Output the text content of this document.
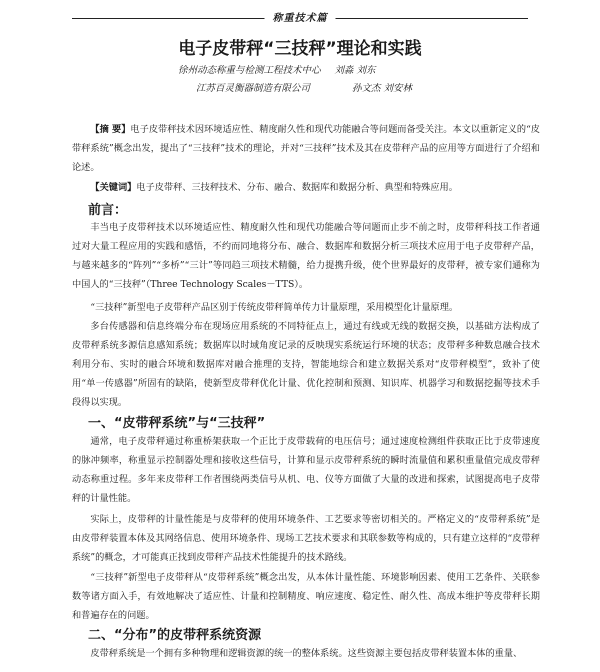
称重技术篇
电子皮带秤“三技秤”理论和实践
徐州动态称重与检测工程技术中心 刘淼 刘东
江苏百灵衡器制造有限公司	孙文杰 刘安林
【摘 要】电子皮带秤技术因环境适应性、精度耐久性和现代功能融合等问题而备受关注。本文以重新定义的“皮带秤系统”概念出发，提出了“三技秤”技术的理论，并对“三技秤”技术及其在皮带秤产品的应用等方面进行了介绍和论述。
【关键词】电子皮带秤、三技秤技术、分布、融合、数据库和数据分析、典型和特殊应用。
前言：
丰当电子皮带秤技术以环境适应性、精度耐久性和现代功能融合等问题而止步不前之时，皮带秤科技工作者通过对大量工程应用的实践和感悟，不约而同地将分布、融合、数据库和数据分析三项技术应用于电子皮带秤产品，与越来越多的“阵列”“多桥”“三计”等同趋三项技术精髓，给力提携升级，使个世界最好的皮带秤，被专家们通称为中国人的“三技秤”（Three Technology Scales－TTS）。
“三技秤”新型电子皮带秤产品区别于传统皮带秤简单传力计量原理，采用模型化计量原理。
多台传感器和信息终端分布在现场应用系统的不同特征点上，通过有线或无线的数据交换，以基础方法构成了皮带秤系统多源信息感知系统；数据库以时域角度记录的反映现实系统运行环境的状态；皮带秤多种数息融合技术利用分布、实时的融合环境和数据库对融合推理的支持，智能地综合和建立数据关系对“皮带秤模型”，致补了使用“单一传感器”所固有的缺陷，使新型皮带秤优化计量、优化控制和预测、知识库、机器学习和数据挖掘等技术手段得以实现。
一、“皮带秤系统”与“三技秤”
通常，电子皮带秤通过称重桥架获取一个正比于皮带载荷的电压信号；通过速度检测组件获取正比于皮带速度的脉冲频率，称重显示控制器处理和接收这些信号，计算和显示皮带秤系统的瞬时流量值和累积重量值完成皮带秤动态称重过程。多年来皮带秤工作者围绕两类信号从机、电、仪等方面做了大量的改进和探索，试图提高电子皮带秤的计量性能。
实际上，皮带秤的计量性能是与皮带秤的使用环境条件、工艺要求等密切相关的。严格定义的“皮带秤系统”是由皮带秤装置本体及其网络信息、使用环境条件、现场工艺技术要求和其联参数等构成的，只有建立这样的“皮带秤系统”的概念，才可能真正找到皮带秤产品技术性能提升的技术路线。
“三技秤”新型电子皮带秤从“皮带秤系统”概念出发，从本体计量性能、环境影响因素、使用工艺条件、关联参数等诸方面入手，有效地解决了适应性、计量和控制精度、响应速度、稳定性、耐久性、高成本维护等皮带秤长期和普遍存在的问题。
二、“分布”的皮带秤系统资源
皮带秤系统是一个拥有多种物理和逻辑资源的统一的整体系统。这些资源主要包括皮带秤装置本体的重量、
